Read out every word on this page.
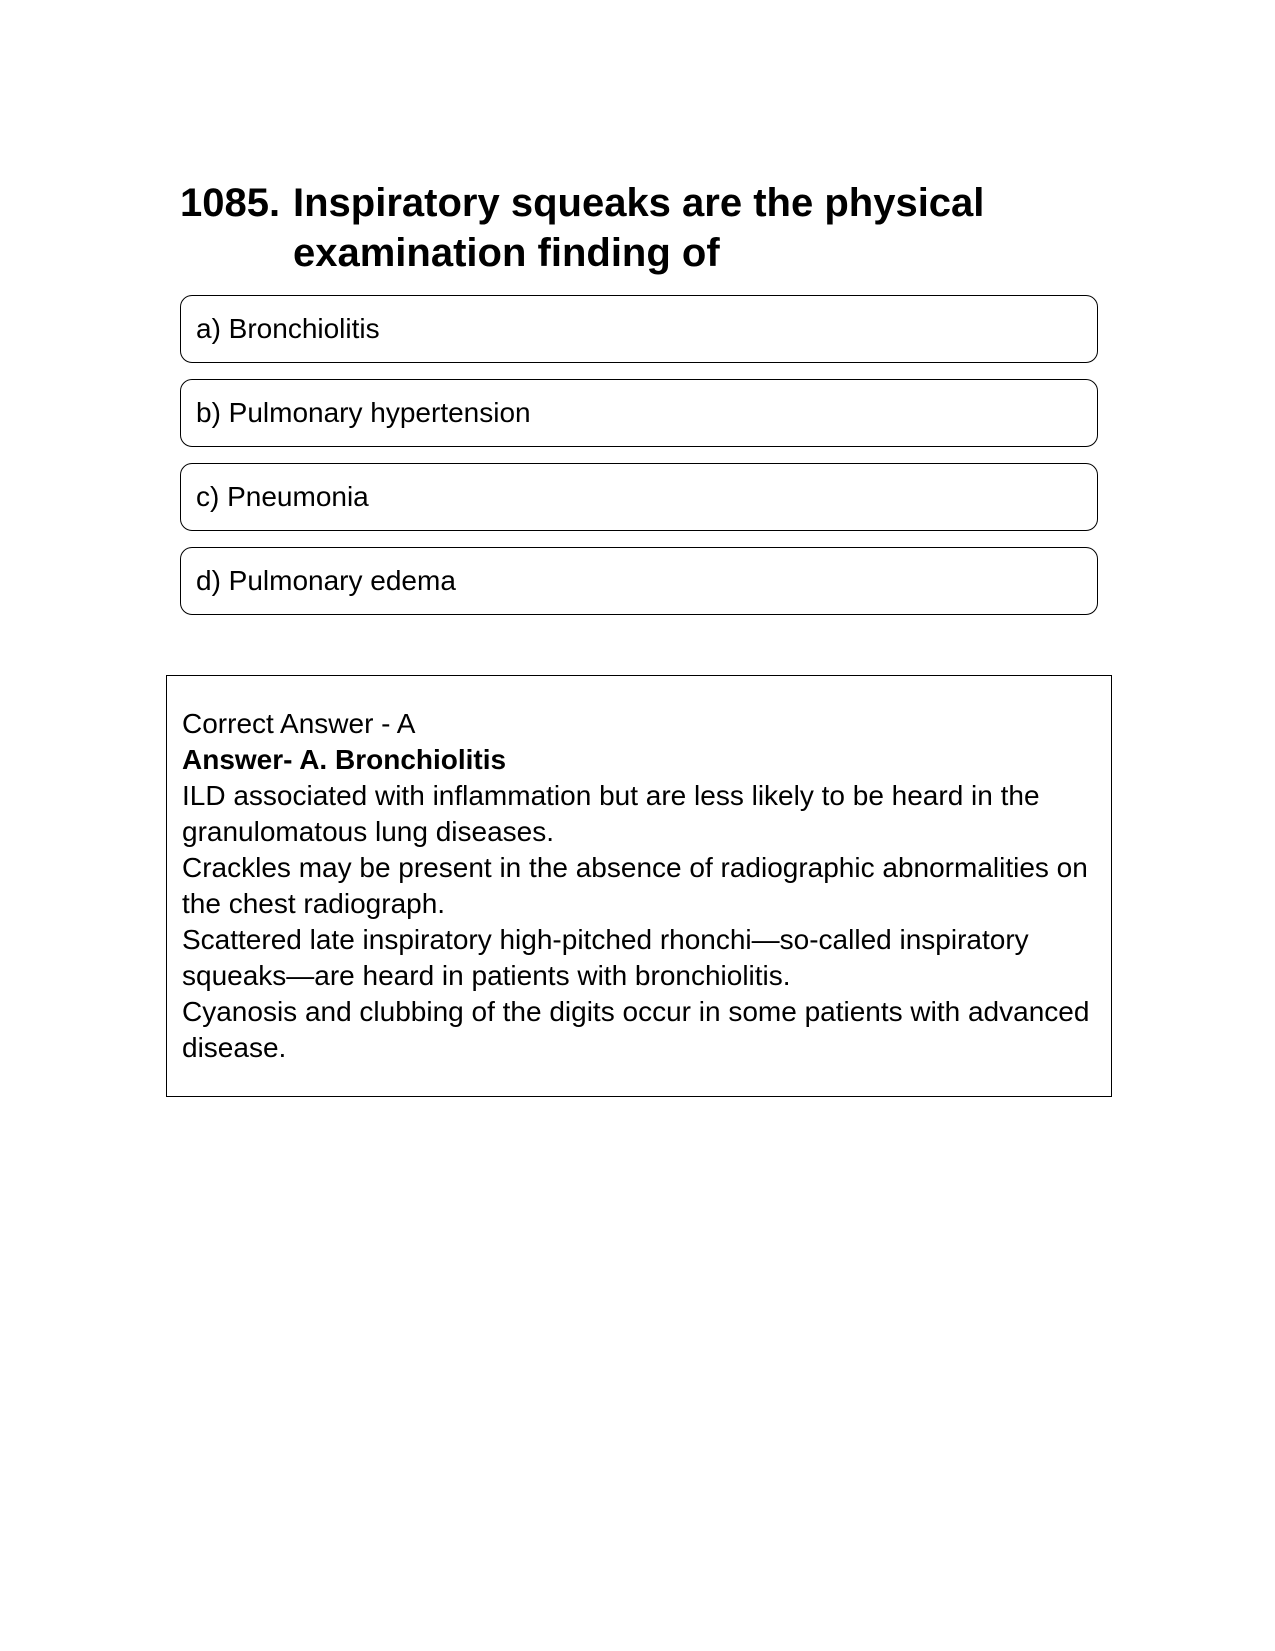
1085. Inspiratory squeaks are the physical examination finding of
a) Bronchiolitis
b) Pulmonary hypertension
c) Pneumonia
d) Pulmonary edema

Correct Answer - A

Answer- A. Bronchiolitis

ILD associated with inflammation but are less likely to be heard in the granulomatous lung diseases.

Crackles may be present in the absence of radiographic abnormalities on the chest radiograph.

Scattered late inspiratory high-pitched rhonchi—so-called inspiratory squeaks—are heard in patients with bronchiolitis.

Cyanosis and clubbing of the digits occur in some patients with advanced disease.
